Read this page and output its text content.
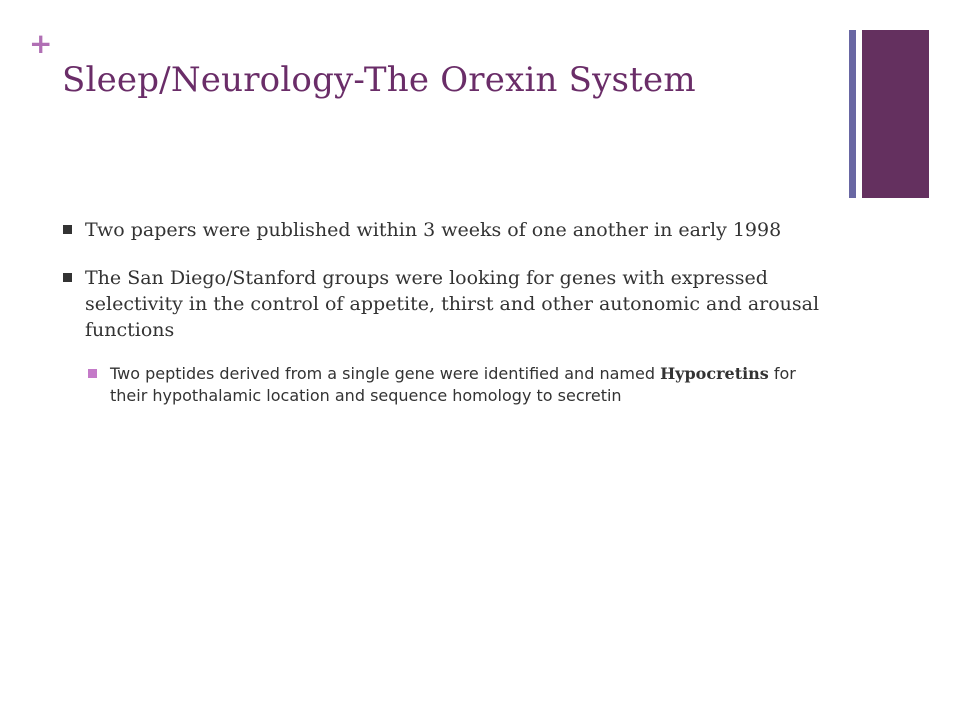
+
Sleep/Neurology-The Orexin System
Two papers were published within 3 weeks of one another in early 1998
The San Diego/Stanford groups were looking for genes with expressed selectivity in the control of appetite, thirst and other autonomic and arousal functions
Two peptides derived from a single gene were identified and named Hypocretins for their hypothalamic location and sequence homology to secretin
